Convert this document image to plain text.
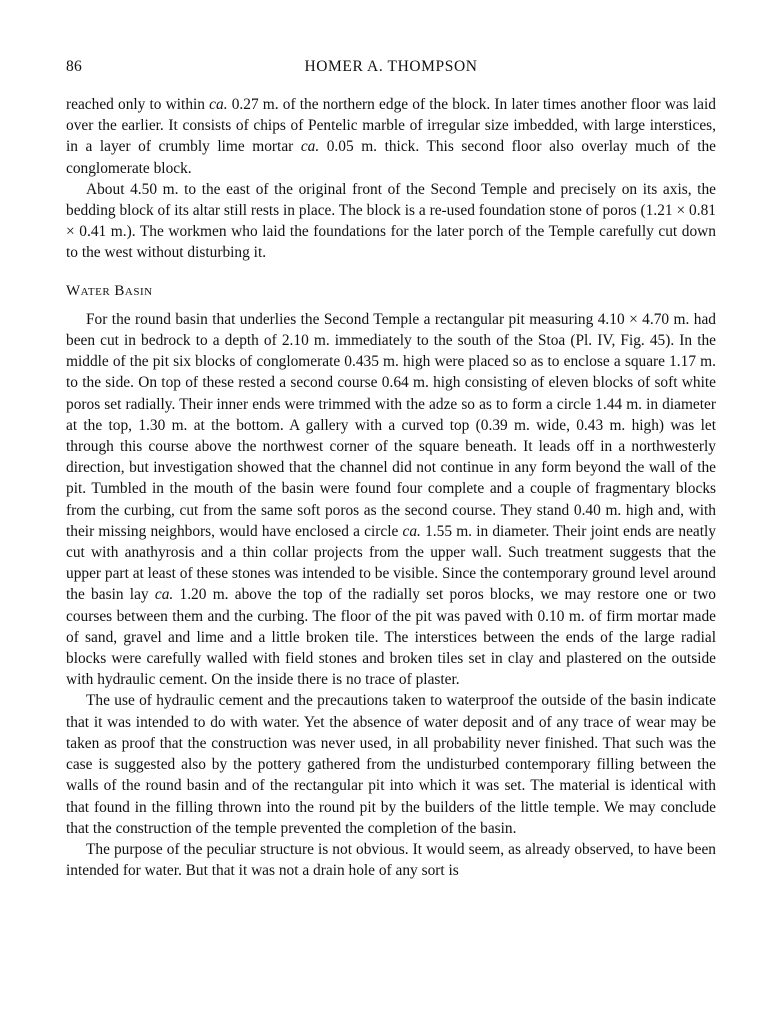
86	HOMER A. THOMPSON

reached only to within ca. 0.27 m. of the northern edge of the block. In later times another floor was laid over the earlier. It consists of chips of Pentelic marble of irregular size imbedded, with large interstices, in a layer of crumbly lime mortar ca. 0.05 m. thick. This second floor also overlay much of the conglomerate block.

About 4.50 m. to the east of the original front of the Second Temple and precisely on its axis, the bedding block of its altar still rests in place. The block is a re-used foundation stone of poros (1.21 × 0.81 × 0.41 m.). The workmen who laid the foundations for the later porch of the Temple carefully cut down to the west without disturbing it.

Water Basin

For the round basin that underlies the Second Temple a rectangular pit measuring 4.10 × 4.70 m. had been cut in bedrock to a depth of 2.10 m. immediately to the south of the Stoa (Pl. IV, Fig. 45). In the middle of the pit six blocks of conglomerate 0.435 m. high were placed so as to enclose a square 1.17 m. to the side. On top of these rested a second course 0.64 m. high consisting of eleven blocks of soft white poros set radially. Their inner ends were trimmed with the adze so as to form a circle 1.44 m. in diameter at the top, 1.30 m. at the bottom. A gallery with a curved top (0.39 m. wide, 0.43 m. high) was let through this course above the northwest corner of the square beneath. It leads off in a northwesterly direction, but investigation showed that the channel did not continue in any form beyond the wall of the pit. Tumbled in the mouth of the basin were found four complete and a couple of fragmentary blocks from the curbing, cut from the same soft poros as the second course. They stand 0.40 m. high and, with their missing neighbors, would have enclosed a circle ca. 1.55 m. in diameter. Their joint ends are neatly cut with anathyrosis and a thin collar projects from the upper wall. Such treatment suggests that the upper part at least of these stones was intended to be visible. Since the contemporary ground level around the basin lay ca. 1.20 m. above the top of the radially set poros blocks, we may restore one or two courses between them and the curbing. The floor of the pit was paved with 0.10 m. of firm mortar made of sand, gravel and lime and a little broken tile. The interstices between the ends of the large radial blocks were carefully walled with field stones and broken tiles set in clay and plastered on the outside with hydraulic cement. On the inside there is no trace of plaster.

The use of hydraulic cement and the precautions taken to waterproof the outside of the basin indicate that it was intended to do with water. Yet the absence of water deposit and of any trace of wear may be taken as proof that the construction was never used, in all probability never finished. That such was the case is suggested also by the pottery gathered from the undisturbed contemporary filling between the walls of the round basin and of the rectangular pit into which it was set. The material is identical with that found in the filling thrown into the round pit by the builders of the little temple. We may conclude that the construction of the temple prevented the completion of the basin.

The purpose of the peculiar structure is not obvious. It would seem, as already observed, to have been intended for water. But that it was not a drain hole of any sort is
